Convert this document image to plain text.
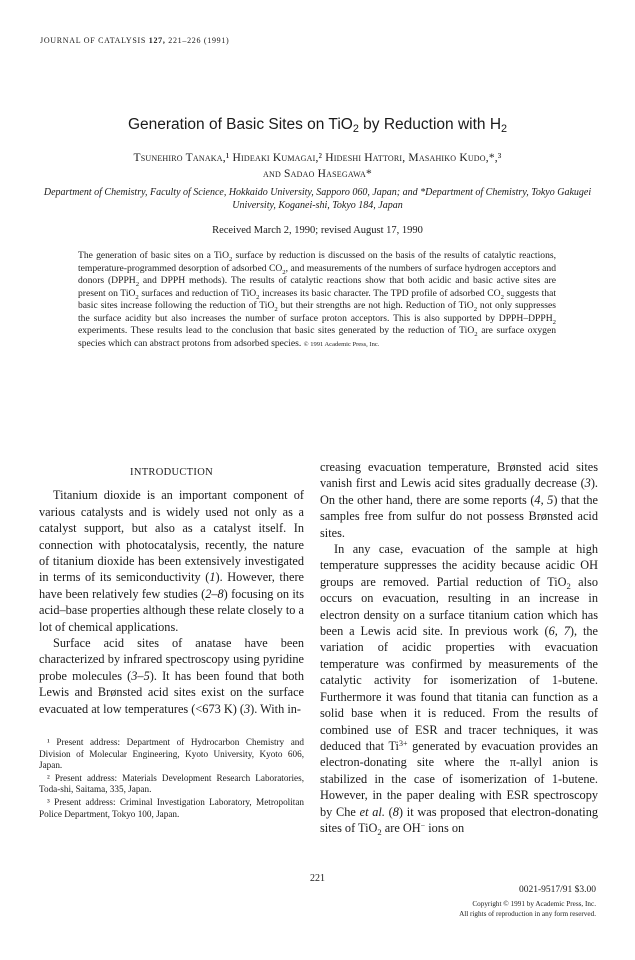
JOURNAL OF CATALYSIS 127, 221–226 (1991)
Generation of Basic Sites on TiO$_2$ by Reduction with $H_2$
Tsunehiro Tanaka,¹ Hideaki Kumagai,² Hideshi Hattori, Masahiko Kudo,*,³
and Sadao Hasegawa*
Department of Chemistry, Faculty of Science, Hokkaido University, Sapporo 060, Japan; and *Department of Chemistry, Tokyo Gakugei University, Koganei-shi, Tokyo 184, Japan
Received March 2, 1990; revised August 17, 1990
The generation of basic sites on a TiO$_2$ surface by reduction is discussed on the basis of the results of catalytic reactions, temperature-programmed desorption of adsorbed $CO_2$, and measurements of the numbers of surface hydrogen acceptors and donors ($DPPH_2$ and DPPH methods). The results of catalytic reactions show that both acidic and basic active sites are present on TiO$_2$ surfaces and reduction of TiO$_2$ increases its basic character. The TPD profile of adsorbed $CO_2$ suggests that basic sites increase following the reduction of TiO$_2$ but their strengths are not high. Reduction of TiO$_2$ not only suppresses the surface acidity but also increases the number of surface proton acceptors. This is also supported by DPPH–$DPPH_2$ experiments. These results lead to the conclusion that basic sites generated by the reduction of TiO$_2$ are surface oxygen species which can abstract protons from adsorbed species. © 1991 Academic Press, Inc.
INTRODUCTION

Titanium dioxide is an important component of various catalysts and is widely used not only as a catalyst support, but also as a catalyst itself. In connection with photocatalysis, recently, the nature of titanium dioxide has been extensively investigated in terms of its semiconductivity (1). However, there have been relatively few studies (2–8) focusing on its acid–base properties although these relate closely to a lot of chemical applications.

Surface acid sites of anatase have been characterized by infrared spectroscopy using pyridine probe molecules (3–5). It has been found that both Lewis and Brønsted acid sites exist on the surface evacuated at low temperatures (<673 K) (3). With in-

¹ Present address: Department of Hydrocarbon Chemistry and Division of Molecular Engineering, Kyoto University, Kyoto 606, Japan.

² Present address: Materials Development Research Laboratories, Toda-shi, Saitama, 335, Japan.

³ Present address: Criminal Investigation Laboratory, Metropolitan Police Department, Tokyo 100, Japan.

creasing evacuation temperature, Brønsted acid sites vanish first and Lewis acid sites gradually decrease (3). On the other hand, there are some reports (4, 5) that the samples free from sulfur do not possess Brønsted acid sites.

In any case, evacuation of the sample at high temperature suppresses the acidity because acidic OH groups are removed. Partial reduction of TiO$_2$ also occurs on evacuation, resulting in an increase in electron density on a surface titanium cation which has been a Lewis acid site. In previous work (6, 7), the variation of acidic properties with evacuation temperature was confirmed by measurements of the catalytic activity for isomerization of 1-butene. Furthermore it was found that titania can function as a solid base when it is reduced. From the results of combined use of ESR and tracer techniques, it was deduced that $Ti^{3+}$ generated by evacuation provides an electron-donating site where the π-allyl anion is stabilized in the case of isomerization of 1-butene. However, in the paper dealing with ESR spectroscopy by Che et al. (8) it was proposed that electron-donating sites of TiO$_2$ are OH− ions on

221
0021-9517/91 $3.00
Copyright © 1991 by Academic Press, Inc.
All rights of reproduction in any form reserved.
